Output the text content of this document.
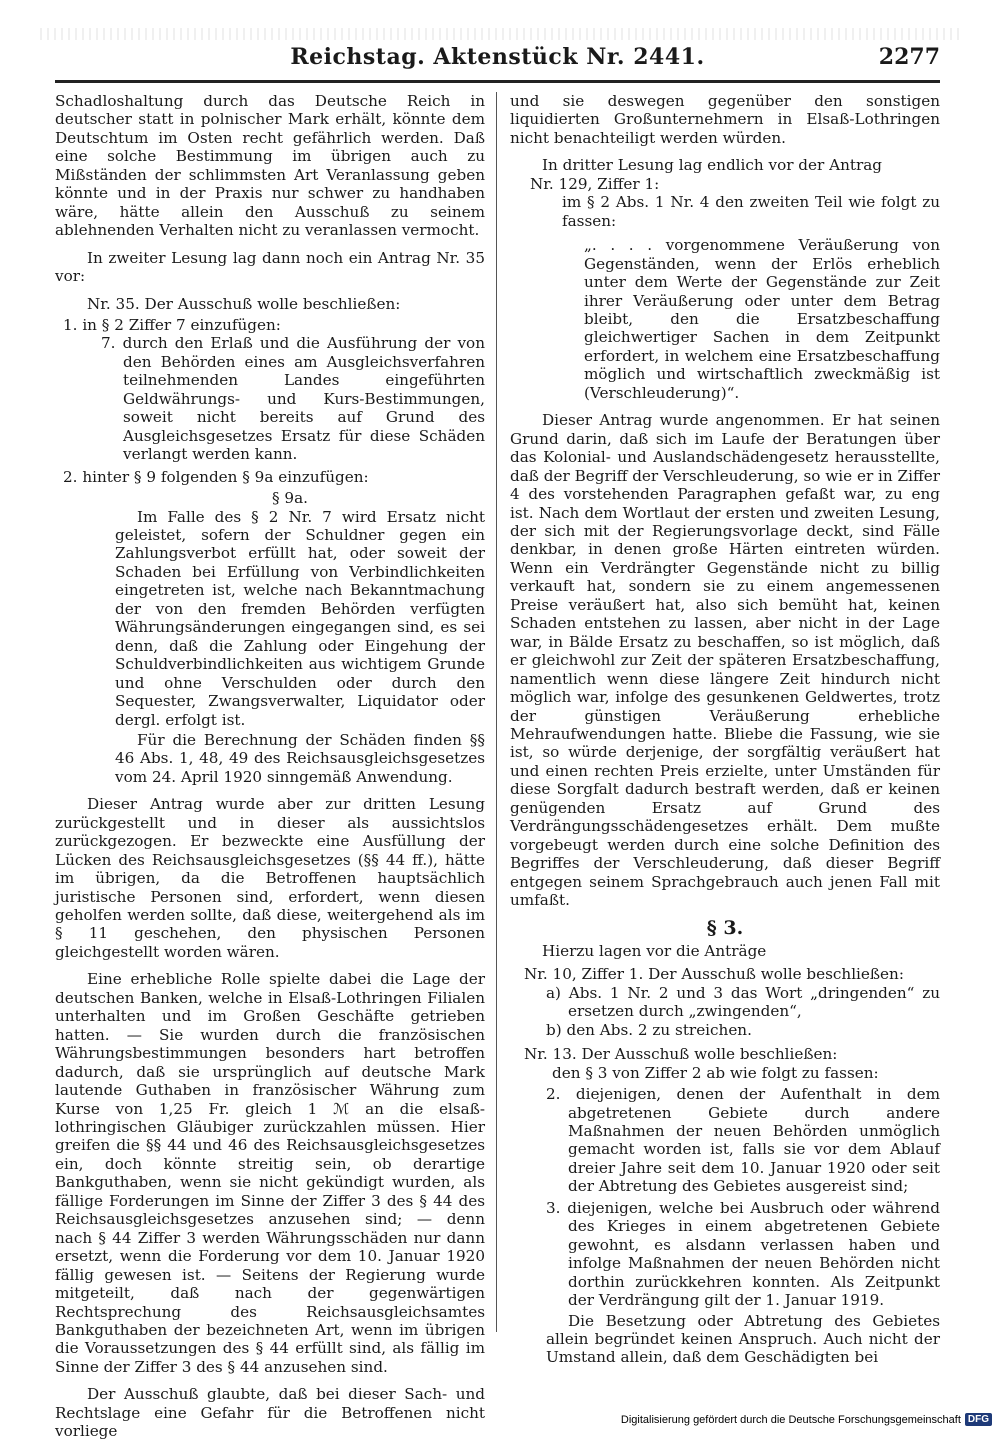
Reichstag. Aktenstück Nr. 2441.	2277

Schadloshaltung durch das Deutsche Reich in deutscher statt in polnischer Mark erhält, könnte dem Deutschtum im Osten recht gefährlich werden. Daß eine solche Bestimmung im übrigen auch zu Mißständen der schlimmsten Art Veranlassung geben könnte und in der Praxis nur schwer zu handhaben wäre, hätte allein den Ausschuß zu seinem ablehnenden Verhalten nicht zu veranlassen vermocht.

In zweiter Lesung lag dann noch ein Antrag Nr. 35 vor:

Nr. 35. Der Ausschuß wolle beschließen:

1. in § 2 Ziffer 7 einzufügen:

7. durch den Erlaß und die Ausführung der von den Behörden eines am Ausgleichsverfahren teilnehmenden Landes eingeführten Geldwährungs- und Kurs-Bestimmungen, soweit nicht bereits auf Grund des Ausgleichsgesetzes Ersatz für diese Schäden verlangt werden kann.

2. hinter § 9 folgenden § 9a einzufügen:

§ 9a.

Im Falle des § 2 Nr. 7 wird Ersatz nicht geleistet, sofern der Schuldner gegen ein Zahlungsverbot erfüllt hat, oder soweit der Schaden bei Erfüllung von Verbindlichkeiten eingetreten ist, welche nach Bekanntmachung der von den fremden Behörden verfügten Währungsänderungen eingegangen sind, es sei denn, daß die Zahlung oder Eingehung der Schuldverbindlichkeiten aus wichtigem Grunde und ohne Verschulden oder durch den Sequester, Zwangsverwalter, Liquidator oder dergl. erfolgt ist.

Für die Berechnung der Schäden finden §§ 46 Abs. 1, 48, 49 des Reichsausgleichsgesetzes vom 24. April 1920 sinngemäß Anwendung.

Dieser Antrag wurde aber zur dritten Lesung zurückgestellt und in dieser als aussichtslos zurückgezogen. Er bezweckte eine Ausfüllung der Lücken des Reichsausgleichsgesetzes (§§ 44 ff.), hätte im übrigen, da die Betroffenen hauptsächlich juristische Personen sind, erfordert, wenn diesen geholfen werden sollte, daß diese, weitergehend als im § 11 geschehen, den physischen Personen gleichgestellt worden wären.

Eine erhebliche Rolle spielte dabei die Lage der deutschen Banken, welche in Elsaß-Lothringen Filialen unterhalten und im Großen Geschäfte getrieben hatten. — Sie wurden durch die französischen Währungsbestimmungen besonders hart betroffen dadurch, daß sie ursprünglich auf deutsche Mark lautende Guthaben in französischer Währung zum Kurse von 1,25 Fr. gleich 1 ℳ an die elsaß-lothringischen Gläubiger zurückzahlen müssen. Hier greifen die §§ 44 und 46 des Reichsausgleichsgesetzes ein, doch könnte streitig sein, ob derartige Bankguthaben, wenn sie nicht gekündigt wurden, als fällige Forderungen im Sinne der Ziffer 3 des § 44 des Reichsausgleichsgesetzes anzusehen sind; — denn nach § 44 Ziffer 3 werden Währungsschäden nur dann ersetzt, wenn die Forderung vor dem 10. Januar 1920 fällig gewesen ist. — Seitens der Regierung wurde mitgeteilt, daß nach der gegenwärtigen Rechtsprechung des Reichsausgleichsamtes Bankguthaben der bezeichneten Art, wenn im übrigen die Voraussetzungen des § 44 erfüllt sind, als fällig im Sinne der Ziffer 3 des § 44 anzusehen sind.

Der Ausschuß glaubte, daß bei dieser Sach- und Rechtslage eine Gefahr für die Betroffenen nicht vorliege

und sie deswegen gegenüber den sonstigen liquidierten Großunternehmern in Elsaß-Lothringen nicht benachteiligt werden würden.

In dritter Lesung lag endlich vor der Antrag

Nr. 129, Ziffer 1:

im § 2 Abs. 1 Nr. 4 den zweiten Teil wie folgt zu fassen:

„. . . . vorgenommene Veräußerung von Gegenständen, wenn der Erlös erheblich unter dem Werte der Gegenstände zur Zeit ihrer Veräußerung oder unter dem Betrag bleibt, den die Ersatzbeschaffung gleichwertiger Sachen in dem Zeitpunkt erfordert, in welchem eine Ersatzbeschaffung möglich und wirtschaftlich zweckmäßig ist (Verschleuderung)“.

Dieser Antrag wurde angenommen. Er hat seinen Grund darin, daß sich im Laufe der Beratungen über das Kolonial- und Auslandschädengesetz herausstellte, daß der Begriff der Verschleuderung, so wie er in Ziffer 4 des vorstehenden Paragraphen gefaßt war, zu eng ist. Nach dem Wortlaut der ersten und zweiten Lesung, der sich mit der Regierungsvorlage deckt, sind Fälle denkbar, in denen große Härten eintreten würden. Wenn ein Verdrängter Gegenstände nicht zu billig verkauft hat, sondern sie zu einem angemessenen Preise veräußert hat, also sich bemüht hat, keinen Schaden entstehen zu lassen, aber nicht in der Lage war, in Bälde Ersatz zu beschaffen, so ist möglich, daß er gleichwohl zur Zeit der späteren Ersatzbeschaffung, namentlich wenn diese längere Zeit hindurch nicht möglich war, infolge des gesunkenen Geldwertes, trotz der günstigen Veräußerung erhebliche Mehraufwendungen hatte. Bliebe die Fassung, wie sie ist, so würde derjenige, der sorgfältig veräußert hat und einen rechten Preis erzielte, unter Umständen für diese Sorgfalt dadurch bestraft werden, daß er keinen genügenden Ersatz auf Grund des Verdrängungsschädengesetzes erhält. Dem mußte vorgebeugt werden durch eine solche Definition des Begriffes der Verschleuderung, daß dieser Begriff entgegen seinem Sprachgebrauch auch jenen Fall mit umfaßt.

§ 3.

Hierzu lagen vor die Anträge

Nr. 10, Ziffer 1. Der Ausschuß wolle beschließen:

a) Abs. 1 Nr. 2 und 3 das Wort „dringenden“ zu ersetzen durch „zwingenden“,

b) den Abs. 2 zu streichen.

Nr. 13. Der Ausschuß wolle beschließen:

den § 3 von Ziffer 2 ab wie folgt zu fassen:

2. diejenigen, denen der Aufenthalt in dem abgetretenen Gebiete durch andere Maßnahmen der neuen Behörden unmöglich gemacht worden ist, falls sie vor dem Ablauf dreier Jahre seit dem 10. Januar 1920 oder seit der Abtretung des Gebietes ausgereist sind;

3. diejenigen, welche bei Ausbruch oder während des Krieges in einem abgetretenen Gebiete gewohnt, es alsdann verlassen haben und infolge Maßnahmen der neuen Behörden nicht dorthin zurückkehren konnten. Als Zeitpunkt der Verdrängung gilt der 1. Januar 1919.

Die Besetzung oder Abtretung des Gebietes allein begründet keinen Anspruch. Auch nicht der Umstand allein, daß dem Geschädigten bei

Digitalisierung gefördert durch die Deutsche Forschungsgemeinschaft DFG
